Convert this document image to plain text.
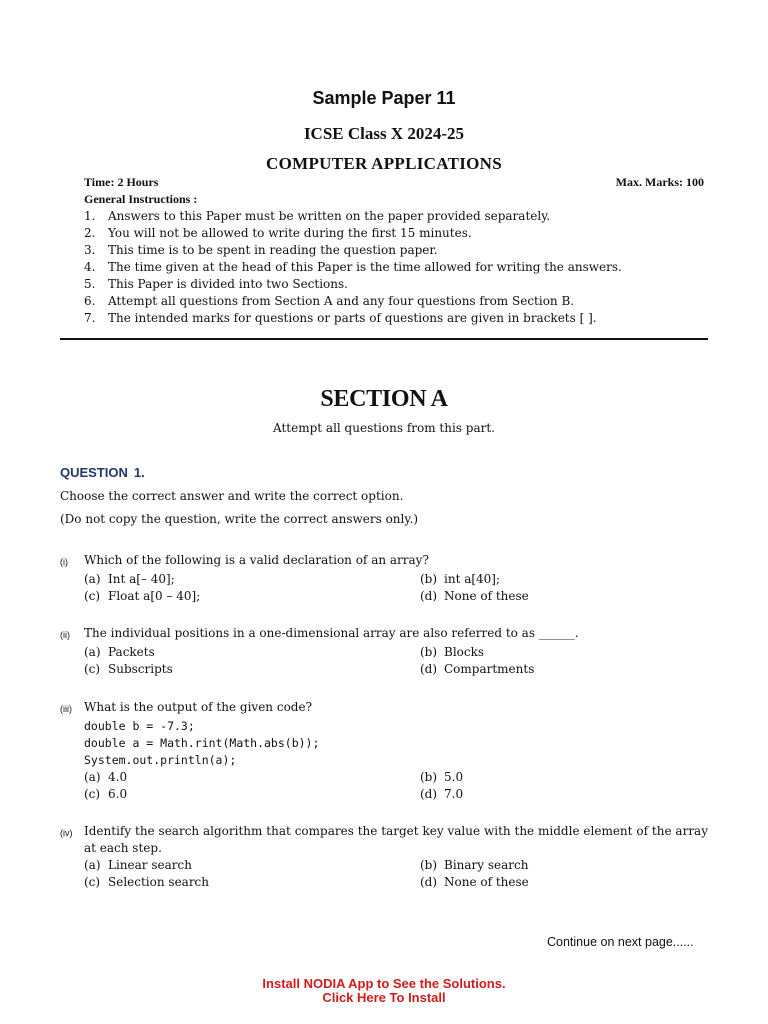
Sample Paper 11
ICSE Class X 2024-25
COMPUTER APPLICATIONS
Time: 2 Hours	Max. Marks: 100
General Instructions :
1.	Answers to this Paper must be written on the paper provided separately.
2.	You will not be allowed to write during the first 15 minutes.
3.	This time is to be spent in reading the question paper.
4.	The time given at the head of this Paper is the time allowed for writing the answers.
5.	This Paper is divided into two Sections.
6.	Attempt all questions from Section A and any four questions from Section B.
7.	The intended marks for questions or parts of questions are given in brackets [ ].
SECTION A
Attempt all questions from this part.
QUESTION 1.
Choose the correct answer and write the correct option.
(Do not copy the question, write the correct answers only.)
(i)	Which of the following is a valid declaration of an array?
(a) Int a[– 40];	(b) int a[40];
(c) Float a[0 – 40];	(d) None of these
(ii)	The individual positions in a one-dimensional array are also referred to as ______.
(a) Packets	(b) Blocks
(c) Subscripts	(d) Compartments
(iii)	What is the output of the given code?
double b = -7.3;
double a = Math.rint(Math.abs(b));
System.out.println(a);
(a) 4.0	(b) 5.0
(c) 6.0	(d) 7.0
(iv) Identify the search algorithm that compares the target key value with the middle element of the array at each step.
(a) Linear search	(b) Binary search
(c) Selection search	(d) None of these
Continue on next page......
Install NODIA App to See the Solutions.
Click Here To Install
